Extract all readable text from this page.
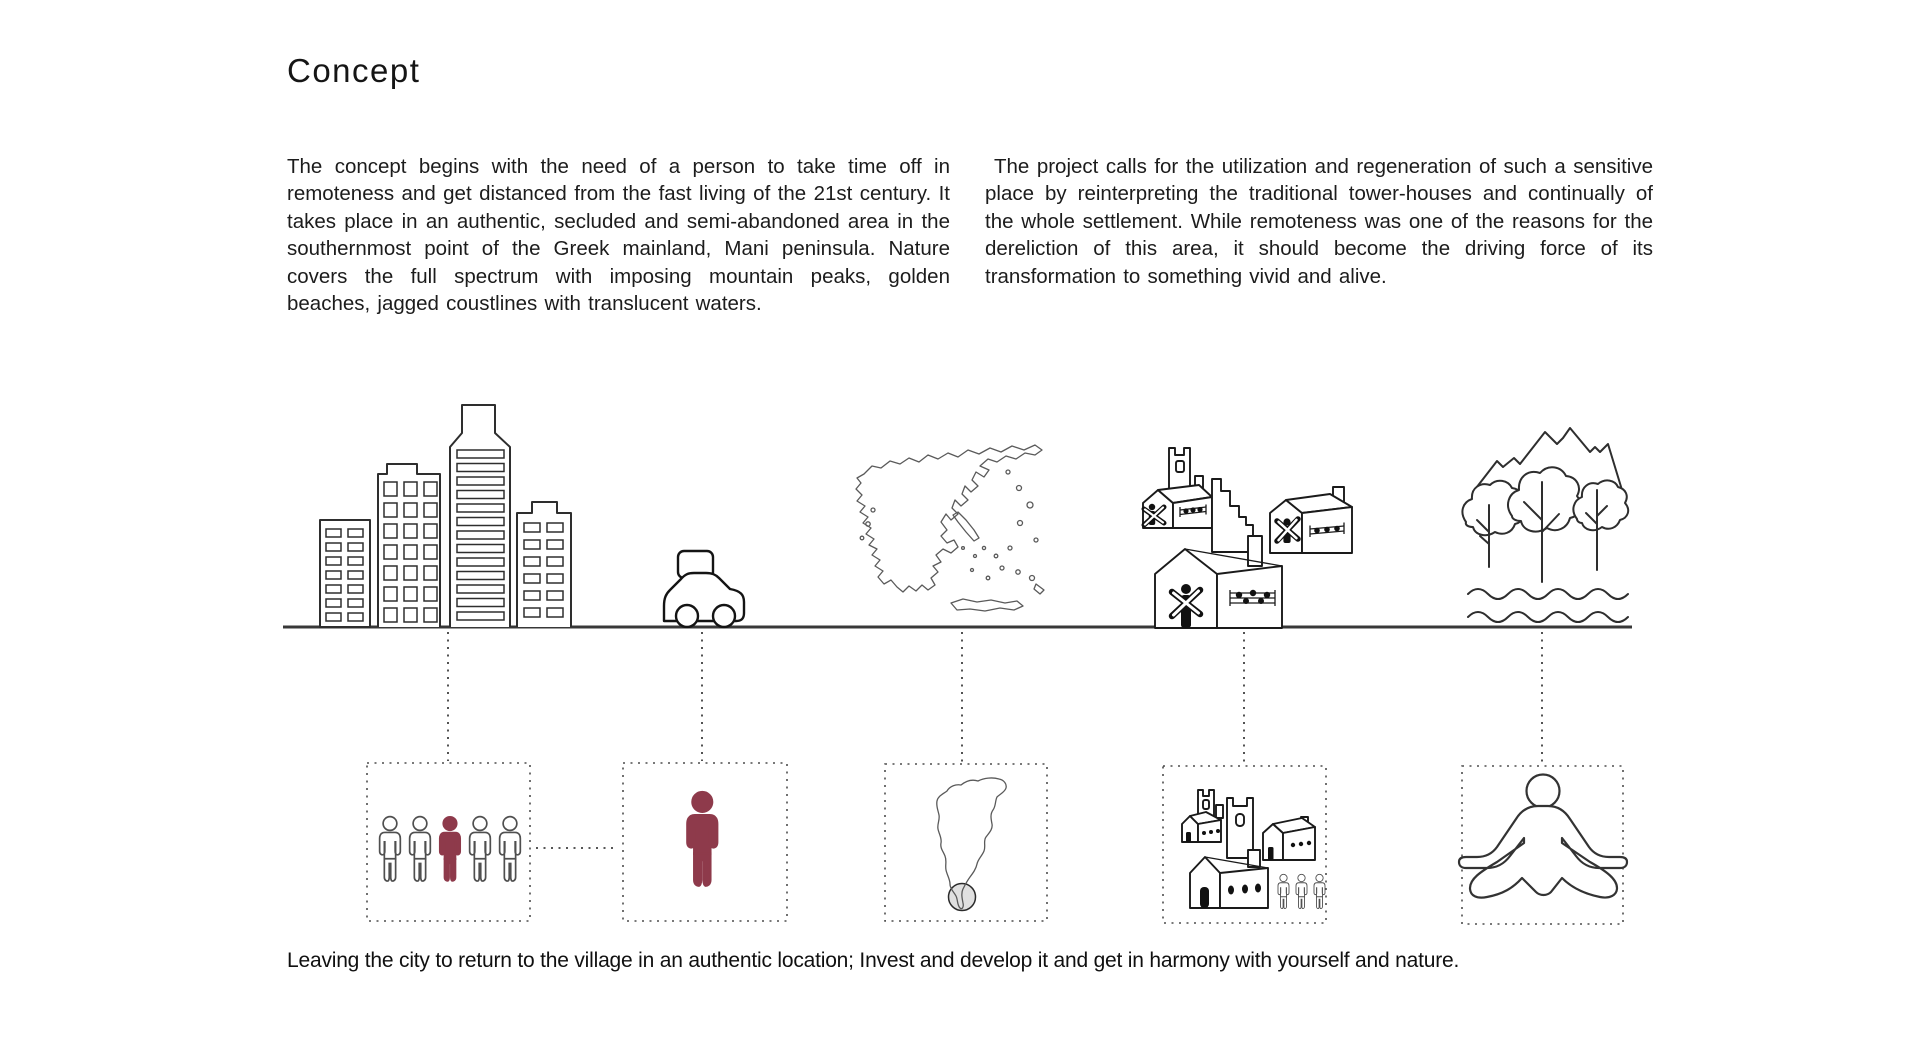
Concept
The concept begins with the need of a person to take time off in remoteness and get distanced from the fast living of the 21st century. It takes place in an authentic, secluded and semi-abandoned area in the southernmost point of the Greek mainland, Mani peninsula. Nature covers the full spectrum with imposing mountain peaks, golden beaches, jagged coustlines with translucent waters.
The project calls for the utilization and regeneration of such a sensitive place by reinterpreting the traditional tower-houses and continually of the whole settlement. While remoteness was one of the reasons for the dereliction of this area, it should become the driving force of its transformation to something vivid and alive.
Leaving the city to return to the village in an authentic location; Invest and develop it and get in harmony with yourself and nature.
